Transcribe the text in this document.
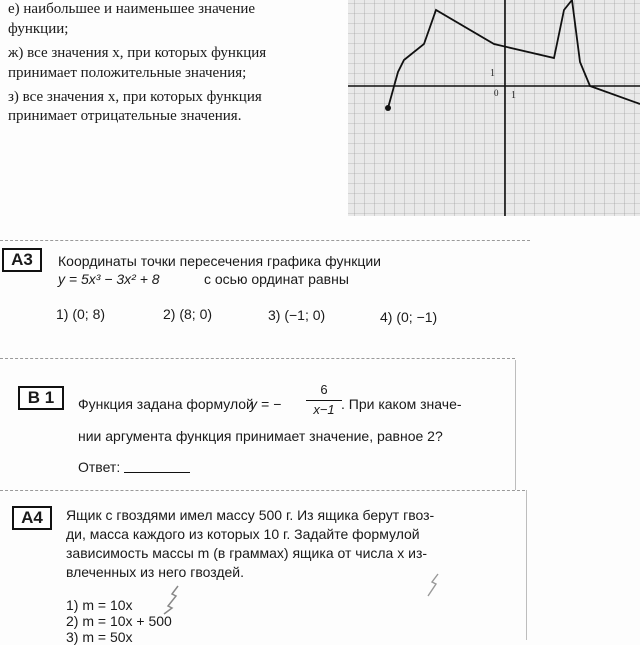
е) наибольшее и наименьшее значение
функции;
ж) все значения x, при которых функция
принимает положительные значения;
з) все значения x, при которых функция
принимает отрицательные значения.
1
0 1
А3	Координаты точки пересечения графика функции
y = 5x³ − 3x² + 8	с осью ординат равны
1) (0; 8)	2) (8; 0)	3) (−1; 0)	4) (0; −1)
В 1	Функция задана формулой
y = −
6
x−1 . При каком значе-
нии аргумента функция принимает значение, равное 2?
Ответ:
А4	Ящик с гвоздями имел массу 500 г. Из ящика берут гвоз-
ди, масса каждого из которых 10 г. Задайте формулой
зависимость массы m (в граммах) ящика от числа x из-
влеченных из него гвоздей.
1) m = 10x
2) m = 10x + 500
3) m = 50x
